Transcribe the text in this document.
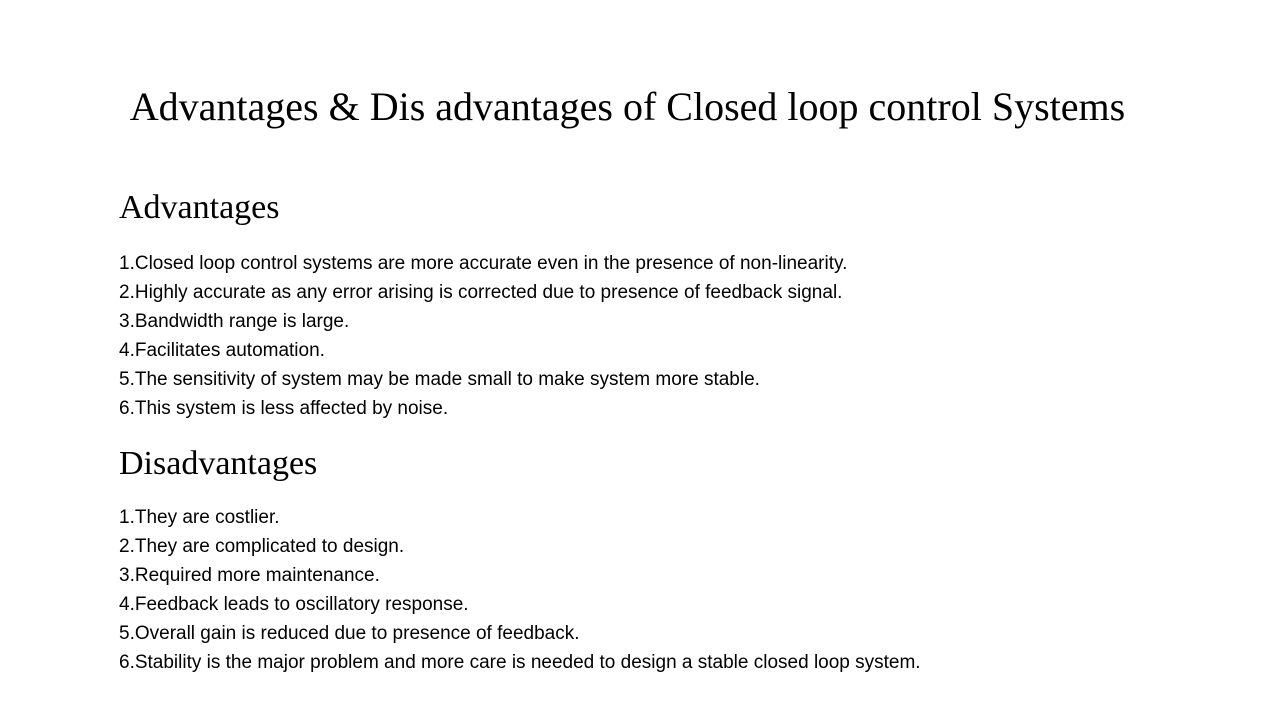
Advantages & Dis advantages of Closed loop control Systems
Advantages
1.Closed loop control systems are more accurate even in the presence of non-linearity.
2.Highly accurate as any error arising is corrected due to presence of feedback signal.
3.Bandwidth range is large.
4.Facilitates automation.
5.The sensitivity of system may be made small to make system more stable.
6.This system is less affected by noise.
Disadvantages
1.They are costlier.
2.They are complicated to design.
3.Required more maintenance.
4.Feedback leads to oscillatory response.
5.Overall gain is reduced due to presence of feedback.
6.Stability is the major problem and more care is needed to design a stable closed loop system.
